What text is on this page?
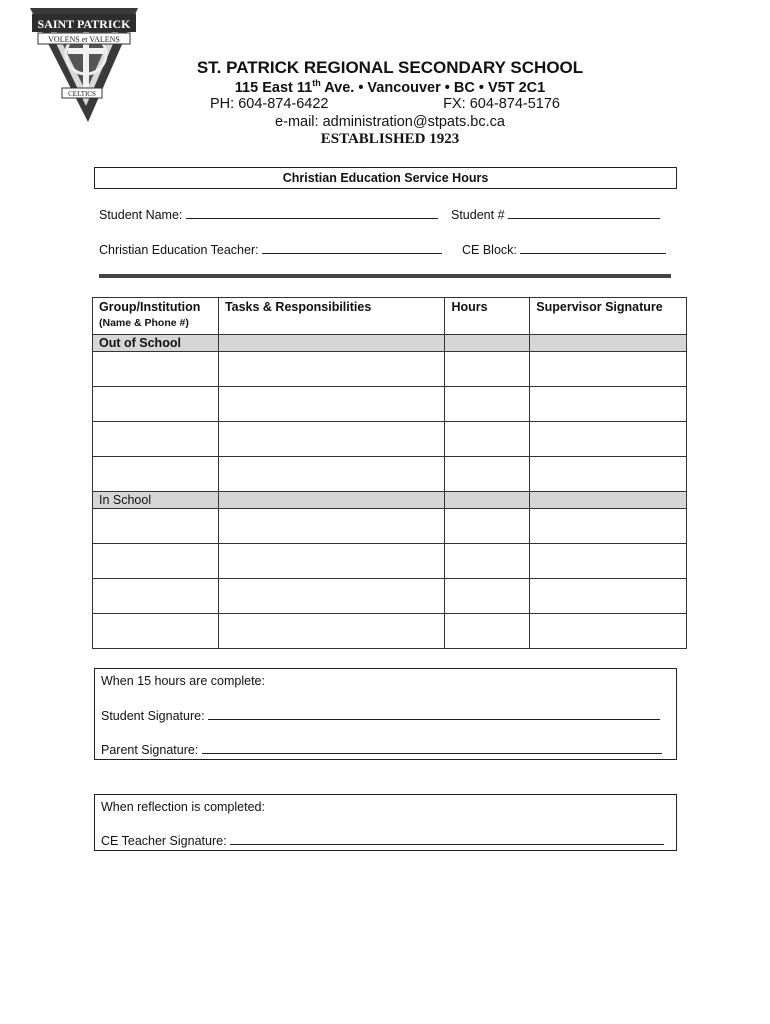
SAINT PATRICK
VOLENS et VALENS
CELTICS
ST. PATRICK REGIONAL SECONDARY SCHOOL
115 East 11th Ave. • Vancouver • BC • V5T 2C1
PH: 604-874-6422	FX: 604-874-5176
e-mail: administration@stpats.bc.ca
ESTABLISHED 1923
Christian Education Service Hours
Student Name:	Student #
Christian Education Teacher:	CE Block:
Group/Institution
(Name & Phone #)	Tasks & Responsibilities	Hours	Supervisor Signature
Out of School			

In School			

When 15 hours are complete:
Student Signature:
Parent Signature:
When reflection is completed:
CE Teacher Signature:
